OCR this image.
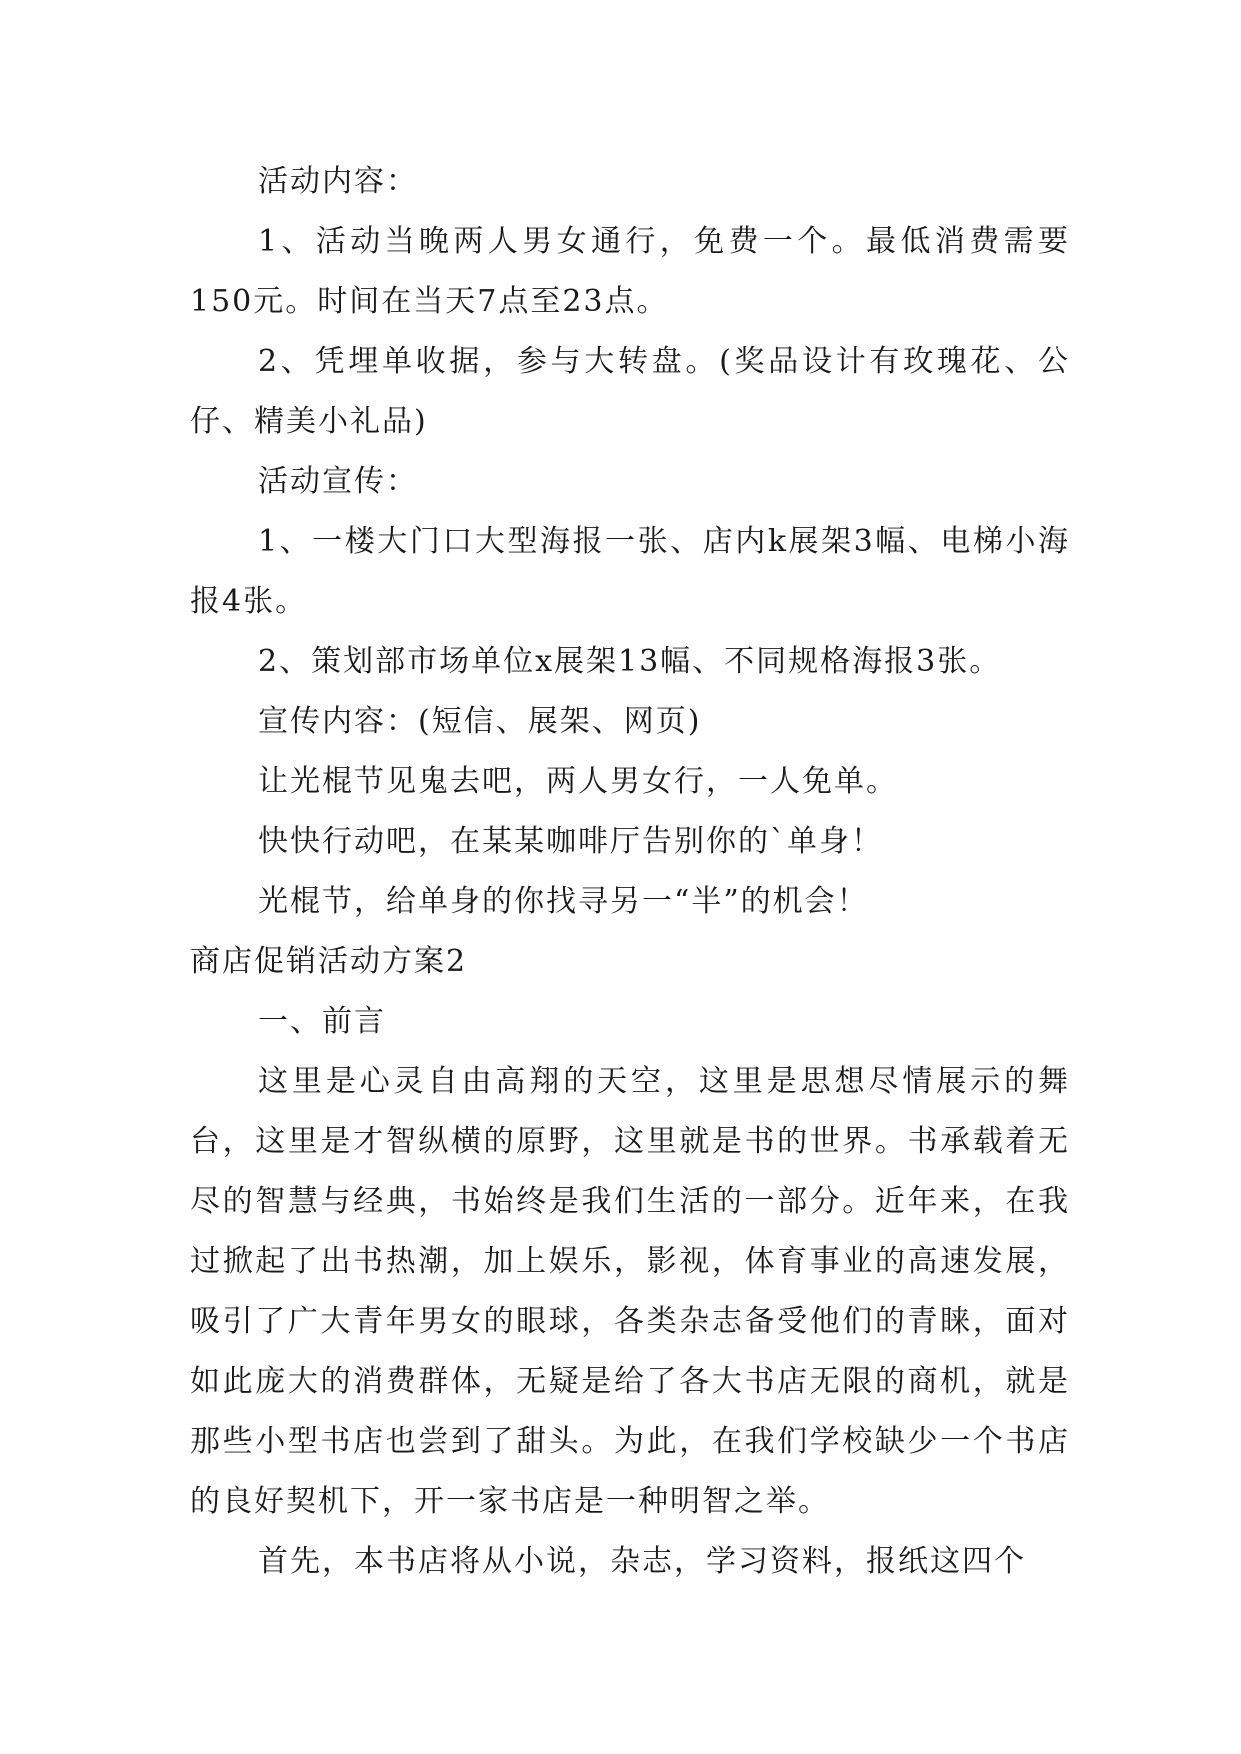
活动内容：

1、活动当晚两人男女通行，免费一个。最低消费需要150元。时间在当天7点至23点。

2、凭埋单收据，参与大转盘。(奖品设计有玫瑰花、公仔、精美小礼品)

活动宣传：

1、一楼大门口大型海报一张、店内k展架3幅、电梯小海报4张。

2、策划部市场单位x展架13幅、不同规格海报3张。

宣传内容：(短信、展架、网页)

让光棍节见鬼去吧，两人男女行，一人免单。

快快行动吧，在某某咖啡厅告别你的`单身！

光棍节，给单身的你找寻另一“半”的机会！

商店促销活动方案2

一、前言

这里是心灵自由高翔的天空，这里是思想尽情展示的舞台，这里是才智纵横的原野，这里就是书的世界。书承载着无尽的智慧与经典，书始终是我们生活的一部分。近年来，在我过掀起了出书热潮，加上娱乐，影视，体育事业的高速发展，吸引了广大青年男女的眼球，各类杂志备受他们的青睐，面对如此庞大的消费群体，无疑是给了各大书店无限的商机，就是那些小型书店也尝到了甜头。为此，在我们学校缺少一个书店的良好契机下，开一家书店是一种明智之举。

首先，本书店将从小说，杂志，学习资料，报纸这四个
